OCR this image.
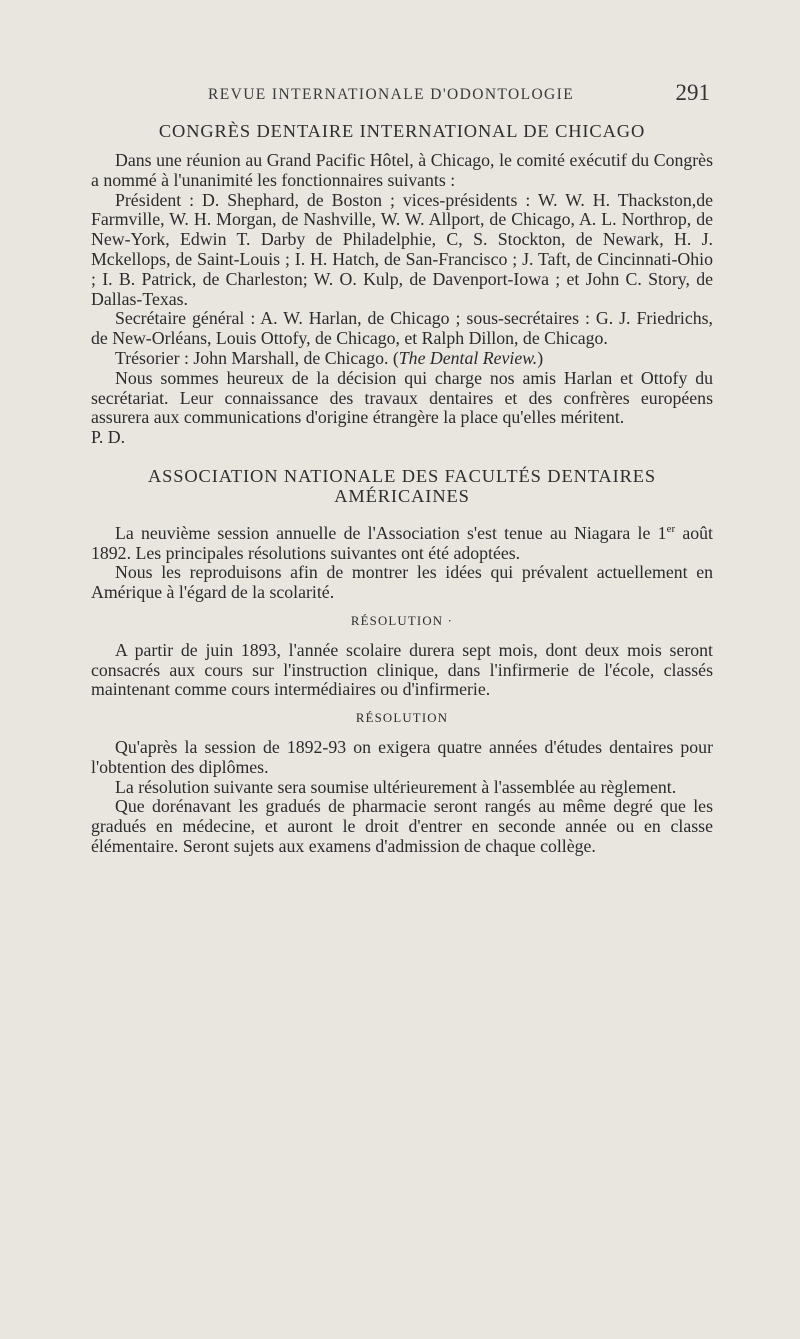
REVUE INTERNATIONALE D'ODONTOLOGIE	291
CONGRÈS DENTAIRE INTERNATIONAL DE CHICAGO

Dans une réunion au Grand Pacific Hôtel, à Chicago, le comité exécutif du Congrès a nommé à l'unanimité les fonctionnaires suivants :

Président : D. Shephard, de Boston ; vices-présidents : W. W. H. Thackston,de Farmville, W. H. Morgan, de Nashville, W. W. Allport, de Chicago, A. L. Northrop, de New-York, Edwin T. Darby de Philadelphie, C, S. Stockton, de Newark, H. J. Mckellops, de Saint-Louis ; I. H. Hatch, de San-Francisco ; J. Taft, de Cincinnati-Ohio ; I. B. Patrick, de Charleston; W. O. Kulp, de Davenport-Iowa ; et John C. Story, de Dallas-Texas.

Secrétaire général : A. W. Harlan, de Chicago ; sous-secrétaires : G. J. Friedrichs, de New-Orléans, Louis Ottofy, de Chicago, et Ralph Dillon, de Chicago.

Trésorier : John Marshall, de Chicago. (The Dental Review.)

Nous sommes heureux de la décision qui charge nos amis Harlan et Ottofy du secrétariat. Leur connaissance des travaux dentaires et des confrères européens assurera aux communications d'origine étrangère la place qu'elles méritent.

P. D.

ASSOCIATION NATIONALE DES FACULTÉS DENTAIRES
AMÉRICAINES

La neuvième session annuelle de l'Association s'est tenue au Niagara le 1er août 1892. Les principales résolutions suivantes ont été adoptées.

Nous les reproduisons afin de montrer les idées qui prévalent actuellement en Amérique à l'égard de la scolarité.

RÉSOLUTION ·

A partir de juin 1893, l'année scolaire durera sept mois, dont deux mois seront consacrés aux cours sur l'instruction clinique, dans l'infirmerie de l'école, classés maintenant comme cours intermédiaires ou d'infirmerie.

RÉSOLUTION

Qu'après la session de 1892-93 on exigera quatre années d'études dentaires pour l'obtention des diplômes.

La résolution suivante sera soumise ultérieurement à l'assemblée au règlement.

Que dorénavant les gradués de pharmacie seront rangés au même degré que les gradués en médecine, et auront le droit d'entrer en seconde année ou en classe élémentaire. Seront sujets aux examens d'admission de chaque collège.
